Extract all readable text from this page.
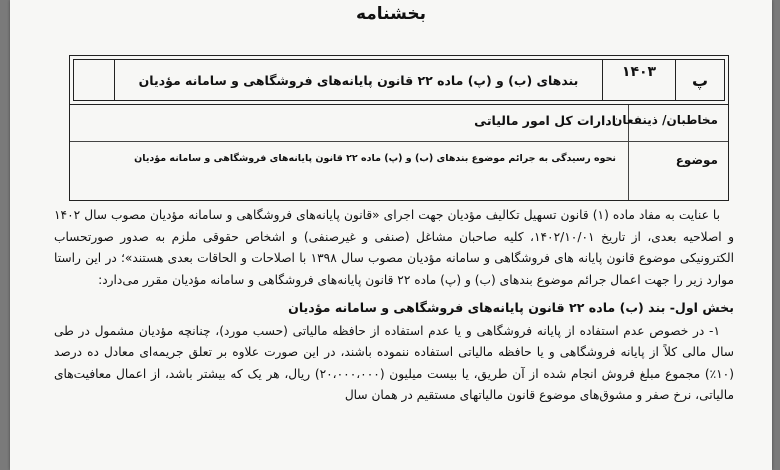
بخشنامه
پ
۱۴۰۳
بندهای (ب) و (پ) ماده ۲۲ قانون پایانه‌های فروشگاهی و سامانه مؤدیان
مخاطبان/ ذینفعان
ادارات کل امور مالیاتی
موضوع
نحوه رسیدگی به جرائم موضوع بندهای (ب) و (پ) ماده ۲۲ قانون پایانه‌های فروشگاهی و سامانه مؤدیان

با عنایت به مفاد ماده (۱) قانون تسهیل تکالیف مؤدیان جهت اجرای «قانون پایانه‌های فروشگاهی و سامانه مؤدیان مصوب سال ۱۴۰۲ و اصلاحیه بعدی، از تاریخ ۱۴۰۲/۱۰/۰۱، کلیه صاحبان مشاغل (صنفی و غیرصنفی) و اشخاص حقوقی ملزم به صدور صورتحساب الکترونیکی موضوع قانون پایانه های فروشگاهی و سامانه مؤدیان مصوب سال ۱۳۹۸ با اصلاحات و الحاقات بعدی هستند»؛ در این راستا موارد زیر را جهت اعمال جرائم موضوع بندهای (ب) و (پ) ماده ۲۲ قانون پایانه‌های فروشگاهی و سامانه مؤدیان مقرر می‌دارد:

بخش اول- بند (ب) ماده ۲۲ قانون پایانه‌های فروشگاهی و سامانه مؤدیان

۱- در خصوص عدم استفاده از پایانه فروشگاهی و یا عدم استفاده از حافظه مالیاتی (حسب مورد)، چنانچه مؤدیان مشمول در طی سال مالی کلاً از پایانه فروشگاهی و یا حافظه مالیاتی استفاده ننموده باشند، در این صورت علاوه بر تعلق جریمه‌ای معادل ده درصد (۱۰٪) مجموع مبلغ فروش انجام شده از آن طریق، یا بیست میلیون (۲۰،۰۰۰،۰۰۰) ریال، هر یک که بیشتر باشد، از اعمال معافیت‌های مالیاتی، نرخ صفر و مشوق‌های موضوع قانون مالیاتهای مستقیم در همان سال
